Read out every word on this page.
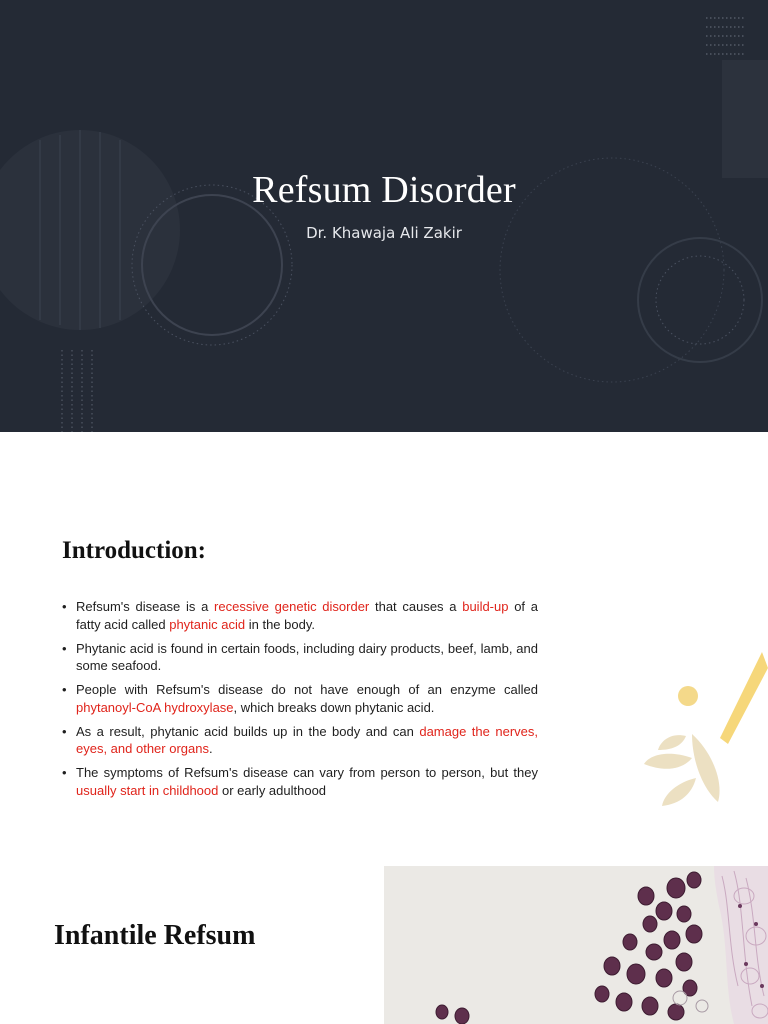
Refsum Disorder
Dr. Khawaja Ali Zakir
Introduction:
• Refsum's disease is a recessive genetic disorder that causes a build-up of a fatty acid called phytanic acid in the body.
• Phytanic acid is found in certain foods, including dairy products, beef, lamb, and some seafood.
• People with Refsum's disease do not have enough of an enzyme called phytanoyl-CoA hydroxylase, which breaks down phytanic acid.
• As a result, phytanic acid builds up in the body and can damage the nerves, eyes, and other organs.
• The symptoms of Refsum's disease can vary from person to person, but they usually start in childhood or early adulthood
Infantile Refsum
